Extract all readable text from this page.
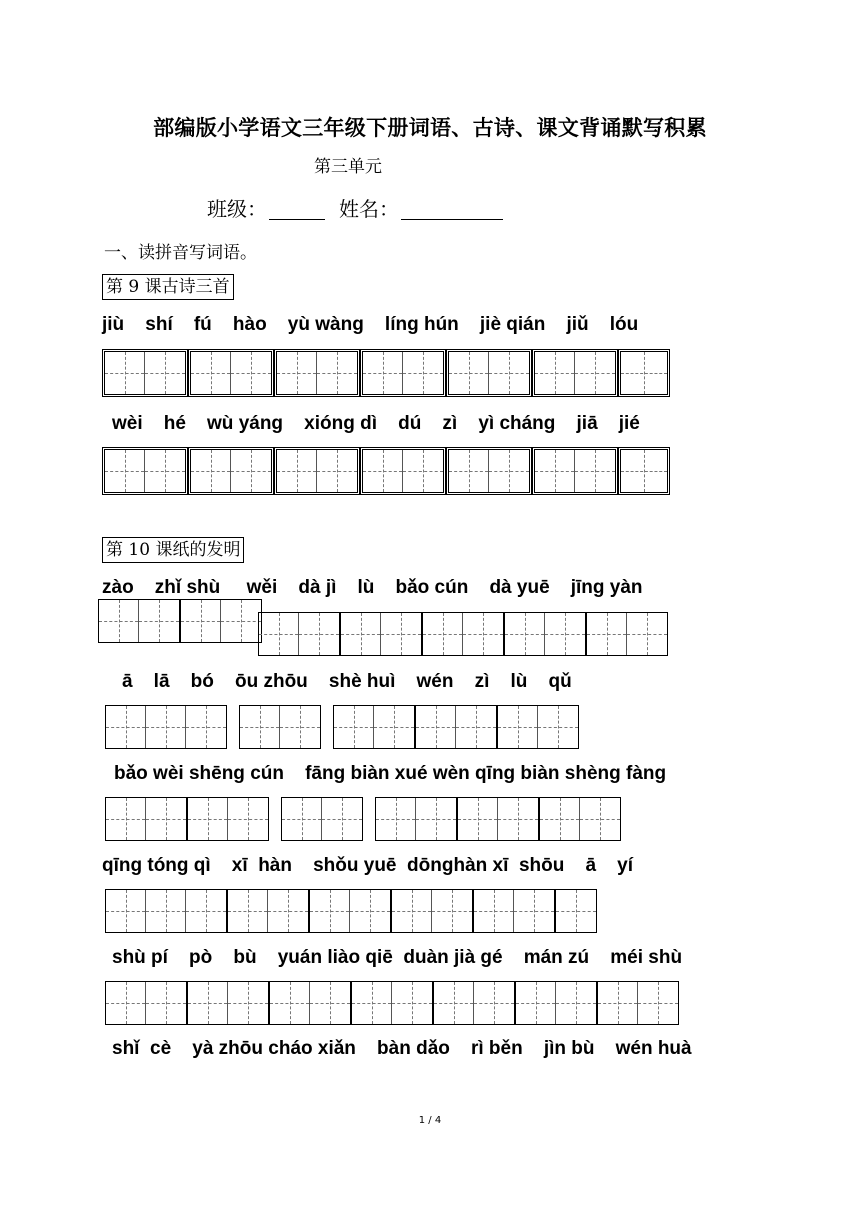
部编版小学语文三年级下册词语、古诗、课文背诵默写积累
第三单元
班级：	姓名：
一、读拼音写词语。
第 9 课古诗三首
第 10 课纸的发明
jiù    shí    fú    hào    yù wàng    líng hún    jiè qián    jiǔ    lóu
wèi    hé    wù yáng    xióng dì    dú    zì    yì cháng    jiā    jié
zào    zhǐ shù     wěi    dà jì    lù    bǎo cún    dà yuē    jīng yàn
ā    lā    bó    ōu zhōu    shè huì    wén    zì    lù    qǔ
bǎo wèi shēng cún    fāng biàn xué wèn qīng biàn shèng fàng
qīng tóng qì    xī  hàn    shǒu yuē  dōnghàn xī  shōu    ā    yí
shù pí    pò    bù    yuán liào qiē  duàn jià gé    mán zú    méi shù
shǐ  cè    yà zhōu cháo xiǎn    bàn dǎo    rì běn    jìn bù    wén huà
1 / 4
